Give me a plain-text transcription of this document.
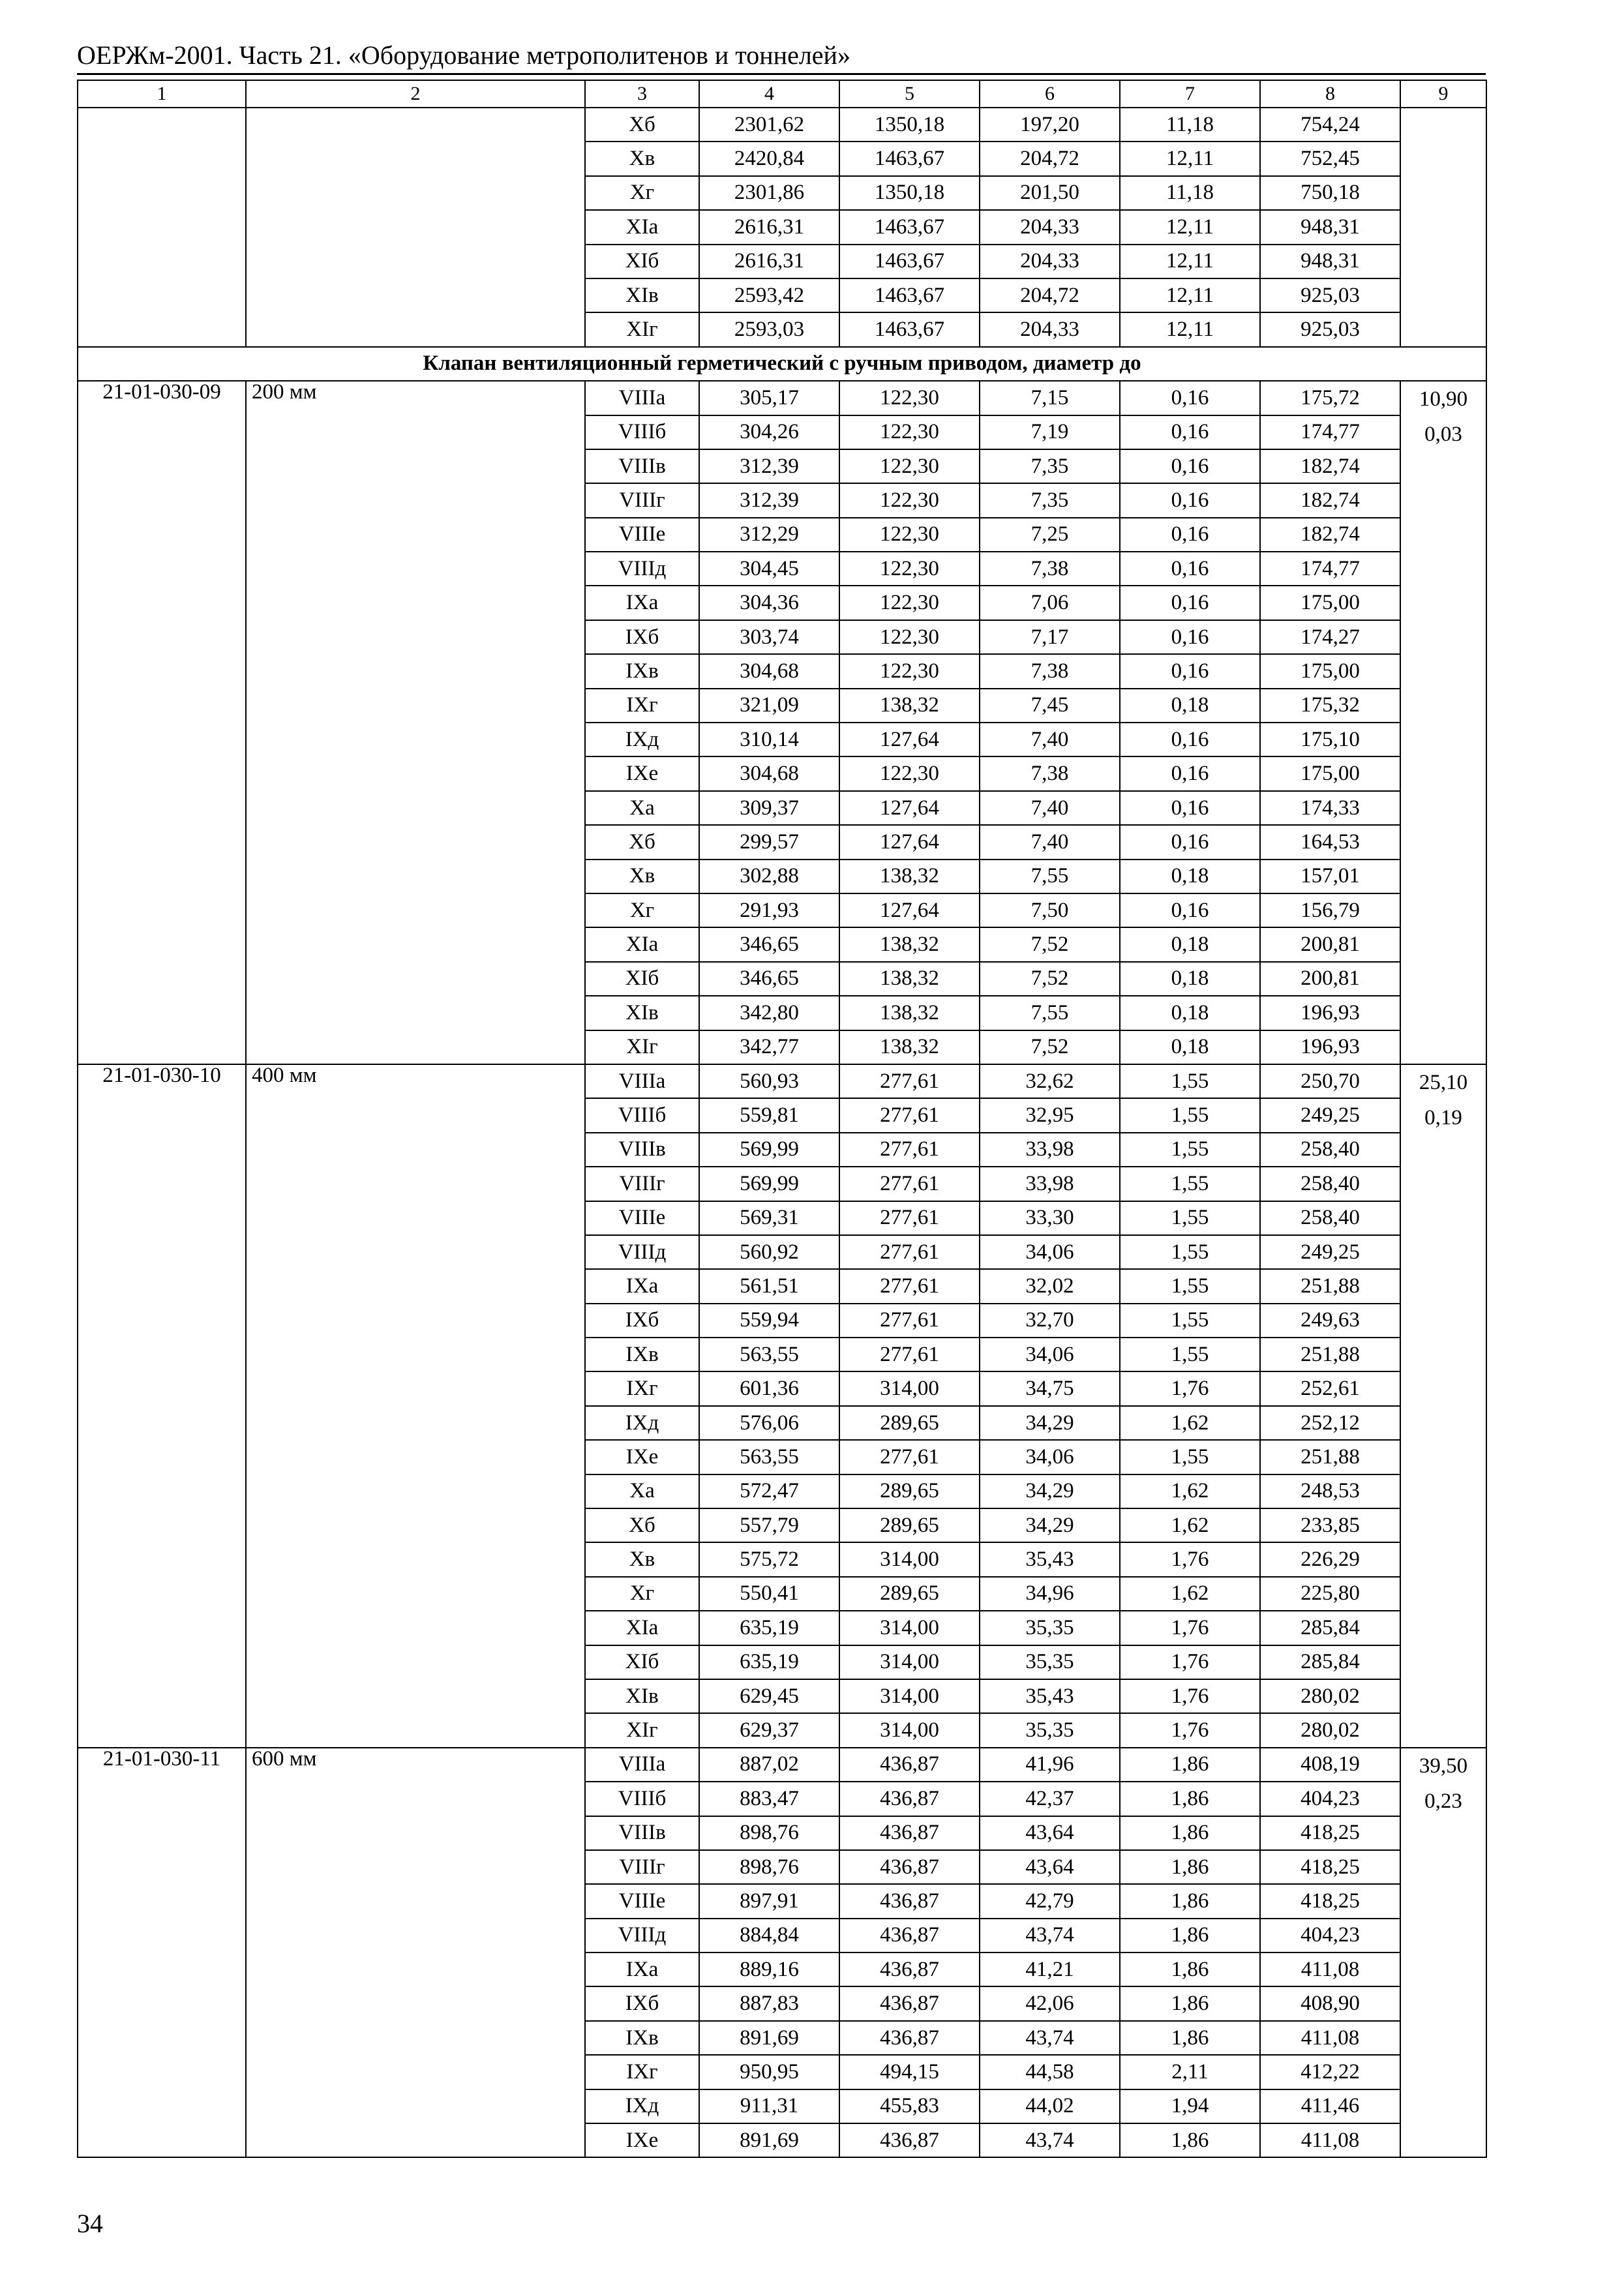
ОЕРЖм-2001. Часть 21. «Оборудование метрополитенов и тоннелей»
1	2	3	4	5	6	7	8	9
		Хб	2301,62	1350,18	197,20	11,18	754,24	
		Хв	2420,84	1463,67	204,72	12,11	752,45	
		Хг	2301,86	1350,18	201,50	11,18	750,18	
		ХIа	2616,31	1463,67	204,33	12,11	948,31	
		ХIб	2616,31	1463,67	204,33	12,11	948,31	
		ХIв	2593,42	1463,67	204,72	12,11	925,03	
		ХIг	2593,03	1463,67	204,33	12,11	925,03	
Клапан вентиляционный герметический с ручным приводом, диаметр до								
21-01-030-09	200 мм	VIIIа	305,17	122,30	7,15	0,16	175,72	10,90
0,03

		VIIIб	304,26	122,30	7,19	0,16	174,77	
		VIIIв	312,39	122,30	7,35	0,16	182,74	
		VIIIг	312,39	122,30	7,35	0,16	182,74	
		VIIIе	312,29	122,30	7,25	0,16	182,74	
		VIIIд	304,45	122,30	7,38	0,16	174,77	
		IХа	304,36	122,30	7,06	0,16	175,00	
		IХб	303,74	122,30	7,17	0,16	174,27	
		IХв	304,68	122,30	7,38	0,16	175,00	
		IХг	321,09	138,32	7,45	0,18	175,32	
		IХд	310,14	127,64	7,40	0,16	175,10	
		IХе	304,68	122,30	7,38	0,16	175,00	
		Ха	309,37	127,64	7,40	0,16	174,33	
		Хб	299,57	127,64	7,40	0,16	164,53	
		Хв	302,88	138,32	7,55	0,18	157,01	
		Хг	291,93	127,64	7,50	0,16	156,79	
		ХIа	346,65	138,32	7,52	0,18	200,81	
		ХIб	346,65	138,32	7,52	0,18	200,81	
		ХIв	342,80	138,32	7,55	0,18	196,93	
		ХIг	342,77	138,32	7,52	0,18	196,93	
21-01-030-10	400 мм	VIIIа	560,93	277,61	32,62	1,55	250,70	25,10
0,19

		VIIIб	559,81	277,61	32,95	1,55	249,25	
		VIIIв	569,99	277,61	33,98	1,55	258,40	
		VIIIг	569,99	277,61	33,98	1,55	258,40	
		VIIIе	569,31	277,61	33,30	1,55	258,40	
		VIIIд	560,92	277,61	34,06	1,55	249,25	
		IХа	561,51	277,61	32,02	1,55	251,88	
		IХб	559,94	277,61	32,70	1,55	249,63	
		IХв	563,55	277,61	34,06	1,55	251,88	
		IХг	601,36	314,00	34,75	1,76	252,61	
		IХд	576,06	289,65	34,29	1,62	252,12	
		IХе	563,55	277,61	34,06	1,55	251,88	
		Ха	572,47	289,65	34,29	1,62	248,53	
		Хб	557,79	289,65	34,29	1,62	233,85	
		Хв	575,72	314,00	35,43	1,76	226,29	
		Хг	550,41	289,65	34,96	1,62	225,80	
		ХIа	635,19	314,00	35,35	1,76	285,84	
		ХIб	635,19	314,00	35,35	1,76	285,84	
		ХIв	629,45	314,00	35,43	1,76	280,02	
		ХIг	629,37	314,00	35,35	1,76	280,02	
21-01-030-11	600 мм	VIIIа	887,02	436,87	41,96	1,86	408,19	39,50
0,23

		VIIIб	883,47	436,87	42,37	1,86	404,23	
		VIIIв	898,76	436,87	43,64	1,86	418,25	
		VIIIг	898,76	436,87	43,64	1,86	418,25	
		VIIIе	897,91	436,87	42,79	1,86	418,25	
		VIIIд	884,84	436,87	43,74	1,86	404,23	
		IХа	889,16	436,87	41,21	1,86	411,08	
		IХб	887,83	436,87	42,06	1,86	408,90	
		IХв	891,69	436,87	43,74	1,86	411,08	
		IХг	950,95	494,15	44,58	2,11	412,22	
		IХд	911,31	455,83	44,02	1,94	411,46	
		IХе	891,69	436,87	43,74	1,86	411,08	
34
